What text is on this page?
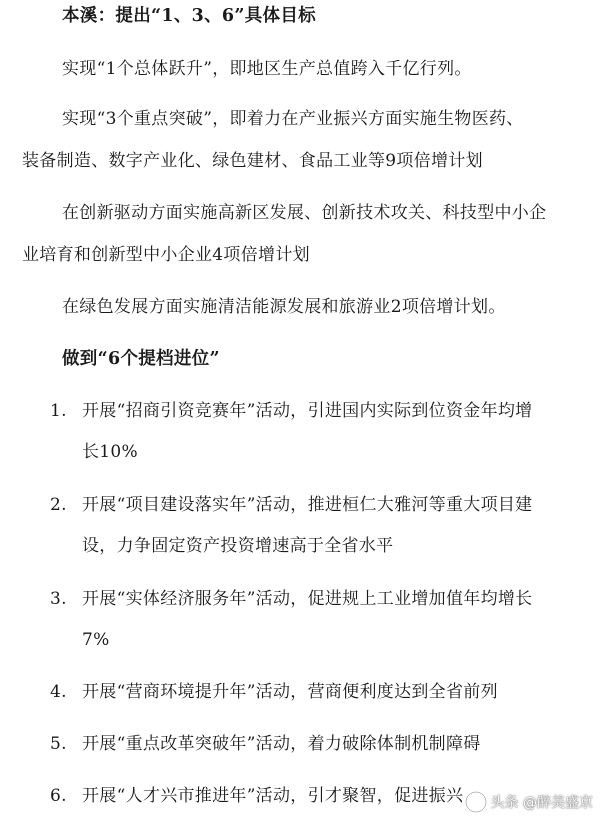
本溪：提出“1、3、6”具体目标
实现“1个总体跃升”，即地区生产总值跨入千亿行列。
实现“3个重点突破”，即着力在产业振兴方面实施生物医药、
装备制造、数字产业化、绿色建材、食品工业等9项倍增计划
在创新驱动方面实施高新区发展、创新技术攻关、科技型中小企
业培育和创新型中小企业4项倍增计划
在绿色发展方面实施清洁能源发展和旅游业2项倍增计划。
做到“6个提档进位”
1. 开展“招商引资竞赛年”活动，引进国内实际到位资金年均增
长10%
2. 开展“项目建设落实年”活动，推进桓仁大雅河等重大项目建
设，力争固定资产投资增速高于全省水平
3. 开展“实体经济服务年”活动，促进规上工业增加值年均增长
7%
4. 开展“营商环境提升年”活动，营商便利度达到全省前列
5. 开展“重点改革突破年”活动，着力破除体制机制障碍
6. 开展“人才兴市推进年”活动，引才聚智，促进振兴 头条 @醉美盛京
